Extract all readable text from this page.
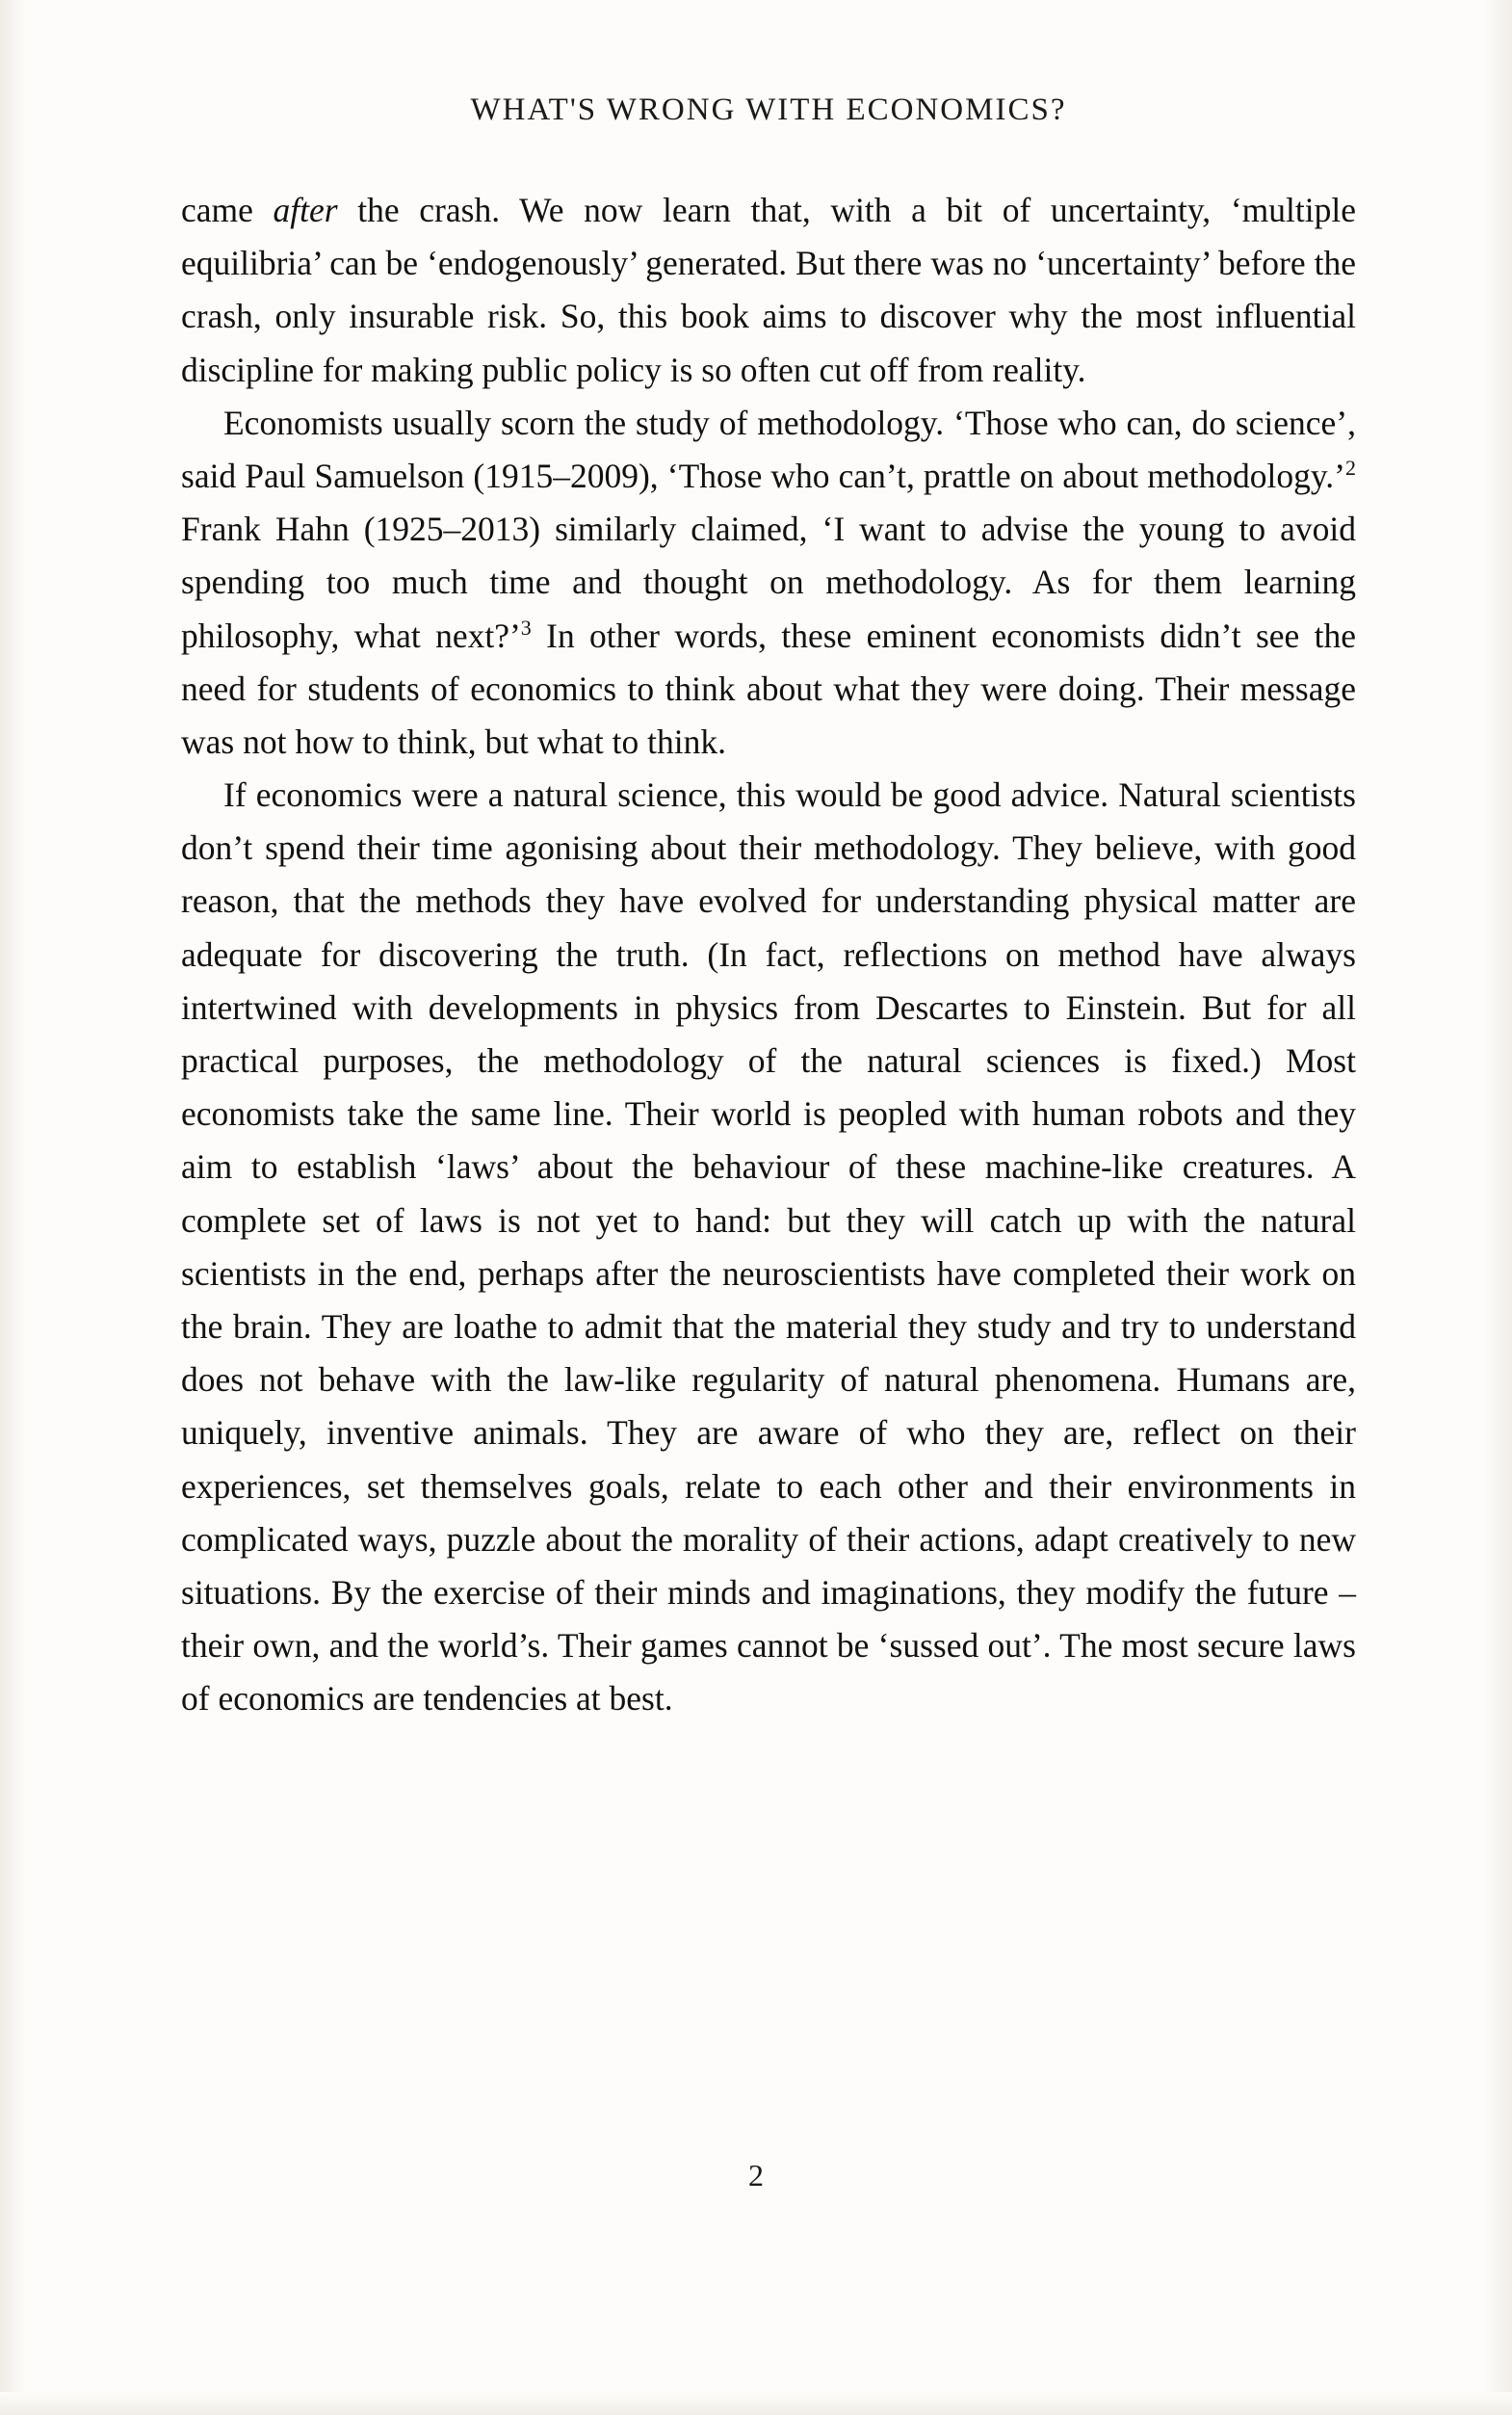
WHAT'S WRONG WITH ECONOMICS?

came after the crash. We now learn that, with a bit of uncertainty, ‘multiple equilibria’ can be ‘endogenously’ generated. But there was no ‘uncertainty’ before the crash, only insurable risk. So, this book aims to discover why the most influential discipline for making public policy is so often cut off from reality.

Economists usually scorn the study of methodology. ‘Those who can, do science’, said Paul Samuelson (1915–2009), ‘Those who can’t, prattle on about methodology.’$^2$ Frank Hahn (1925–2013) similarly claimed, ‘I want to advise the young to avoid spending too much time and thought on methodology. As for them learning philosophy, what next?’$^3$ In other words, these eminent economists didn’t see the need for students of economics to think about what they were doing. Their message was not how to think, but what to think.

If economics were a natural science, this would be good advice. Natural scientists don’t spend their time agonising about their methodology. They believe, with good reason, that the methods they have evolved for understanding physical matter are adequate for discovering the truth. (In fact, reflections on method have always intertwined with developments in physics from Descartes to Einstein. But for all practical purposes, the methodology of the natural sciences is fixed.) Most economists take the same line. Their world is peopled with human robots and they aim to establish ‘laws’ about the behaviour of these machine-like creatures. A complete set of laws is not yet to hand: but they will catch up with the natural scientists in the end, perhaps after the neuroscientists have completed their work on the brain. They are loathe to admit that the material they study and try to understand does not behave with the law-like regularity of natural phenomena. Humans are, uniquely, inventive animals. They are aware of who they are, reflect on their experiences, set themselves goals, relate to each other and their environments in complicated ways, puzzle about the morality of their actions, adapt creatively to new situations. By the exercise of their minds and imaginations, they modify the future – their own, and the world’s. Their games cannot be ‘sussed out’. The most secure laws of economics are tendencies at best.

2
